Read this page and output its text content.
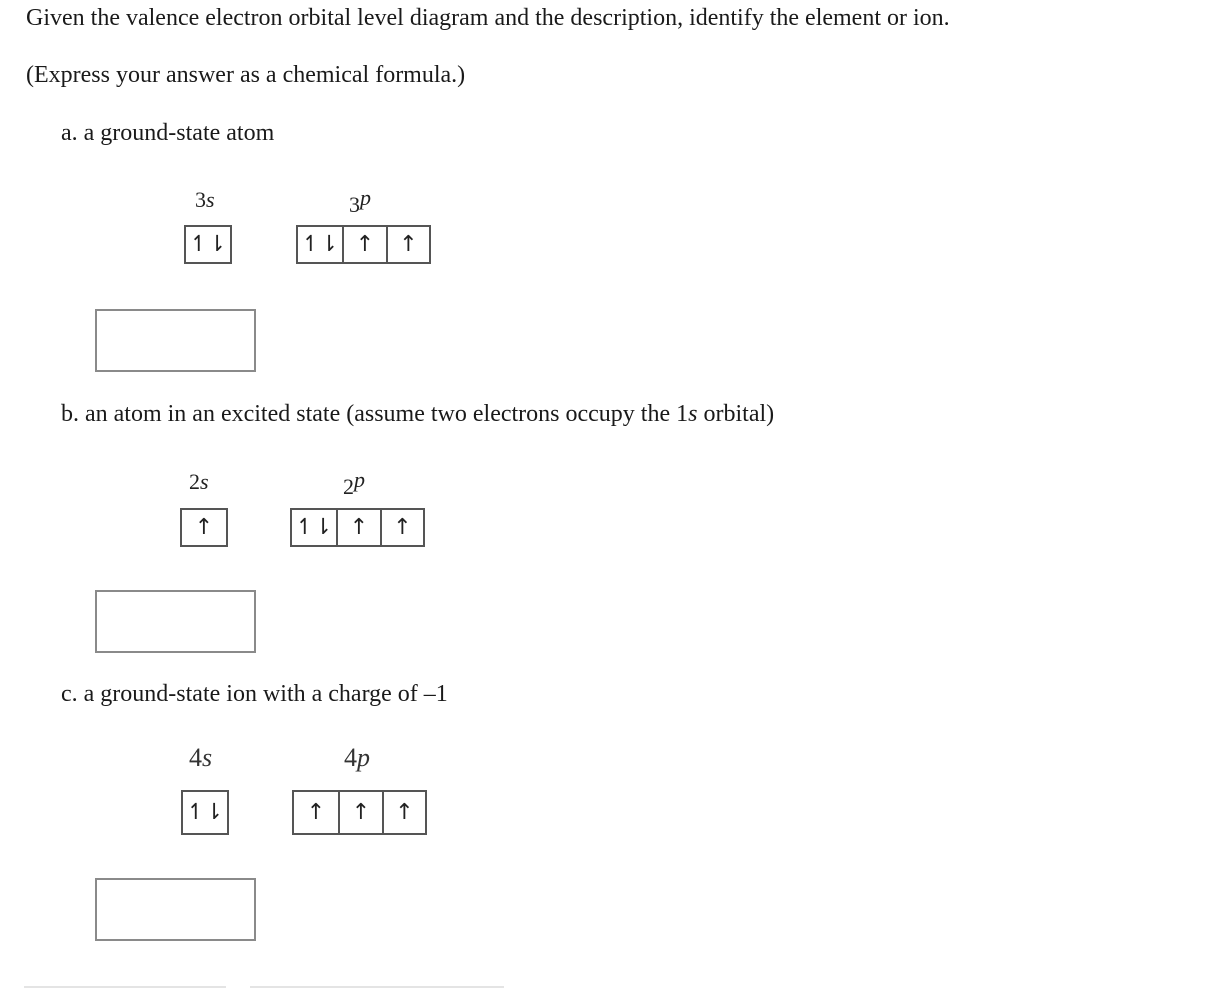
Given the valence electron orbital level diagram and the description, identify the element or ion.
(Express your answer as a chemical formula.)
a. a ground-state atom
3s	3p
↿⇂	↿⇂ ↑	↑
b. an atom in an excited state (assume two electrons occupy the 1s orbital)
2s	2p
↑	↿⇂ ↑	↑
c. a ground-state ion with a charge of –1
4s	4p
↿⇂	↑	↑	↑
